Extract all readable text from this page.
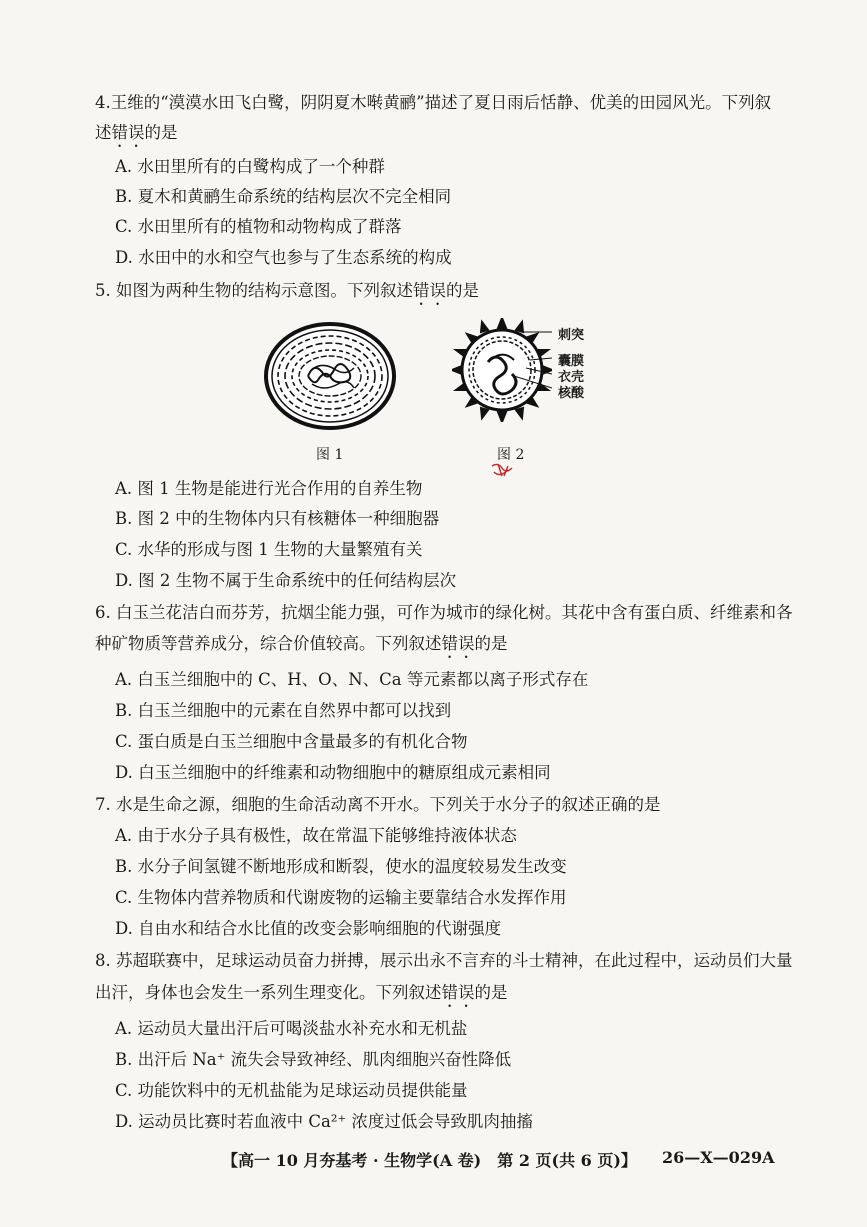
4.王维的“漠漠水田飞白鹭，阴阴夏木啭黄鹂”描述了夏日雨后恬静、优美的田园风光。下列叙
述错误的是
A. 水田里所有的白鹭构成了一个种群
B. 夏木和黄鹂生命系统的结构层次不完全相同
C. 水田里所有的植物和动物构成了群落
D. 水田中的水和空气也参与了生态系统的构成
5. 如图为两种生物的结构示意图。下列叙述错误的是
图 1
刺突
囊膜
衣壳
核酸
图 2
A. 图 1 生物是能进行光合作用的自养生物
B. 图 2 中的生物体内只有核糖体一种细胞器
C. 水华的形成与图 1 生物的大量繁殖有关
D. 图 2 生物不属于生命系统中的任何结构层次
6. 白玉兰花洁白而芬芳，抗烟尘能力强，可作为城市的绿化树。其花中含有蛋白质、纤维素和各
种矿物质等营养成分，综合价值较高。下列叙述错误的是
A. 白玉兰细胞中的 C、H、O、N、Ca 等元素都以离子形式存在
B. 白玉兰细胞中的元素在自然界中都可以找到
C. 蛋白质是白玉兰细胞中含量最多的有机化合物
D. 白玉兰细胞中的纤维素和动物细胞中的糖原组成元素相同
7. 水是生命之源，细胞的生命活动离不开水。下列关于水分子的叙述正确的是
A. 由于水分子具有极性，故在常温下能够维持液体状态
B. 水分子间氢键不断地形成和断裂，使水的温度较易发生改变
C. 生物体内营养物质和代谢废物的运输主要靠结合水发挥作用
D. 自由水和结合水比值的改变会影响细胞的代谢强度
8. 苏超联赛中，足球运动员奋力拼搏，展示出永不言弃的斗士精神，在此过程中，运动员们大量
出汗，身体也会发生一系列生理变化。下列叙述错误的是
A. 运动员大量出汗后可喝淡盐水补充水和无机盐
B. 出汗后 Na⁺ 流失会导致神经、肌肉细胞兴奋性降低
C. 功能饮料中的无机盐能为足球运动员提供能量
D. 运动员比赛时若血液中 Ca²⁺ 浓度过低会导致肌肉抽搐
【高一 10 月夯基考 · 生物学(A 卷)　第 2 页(共 6 页)】 26—X—029A
